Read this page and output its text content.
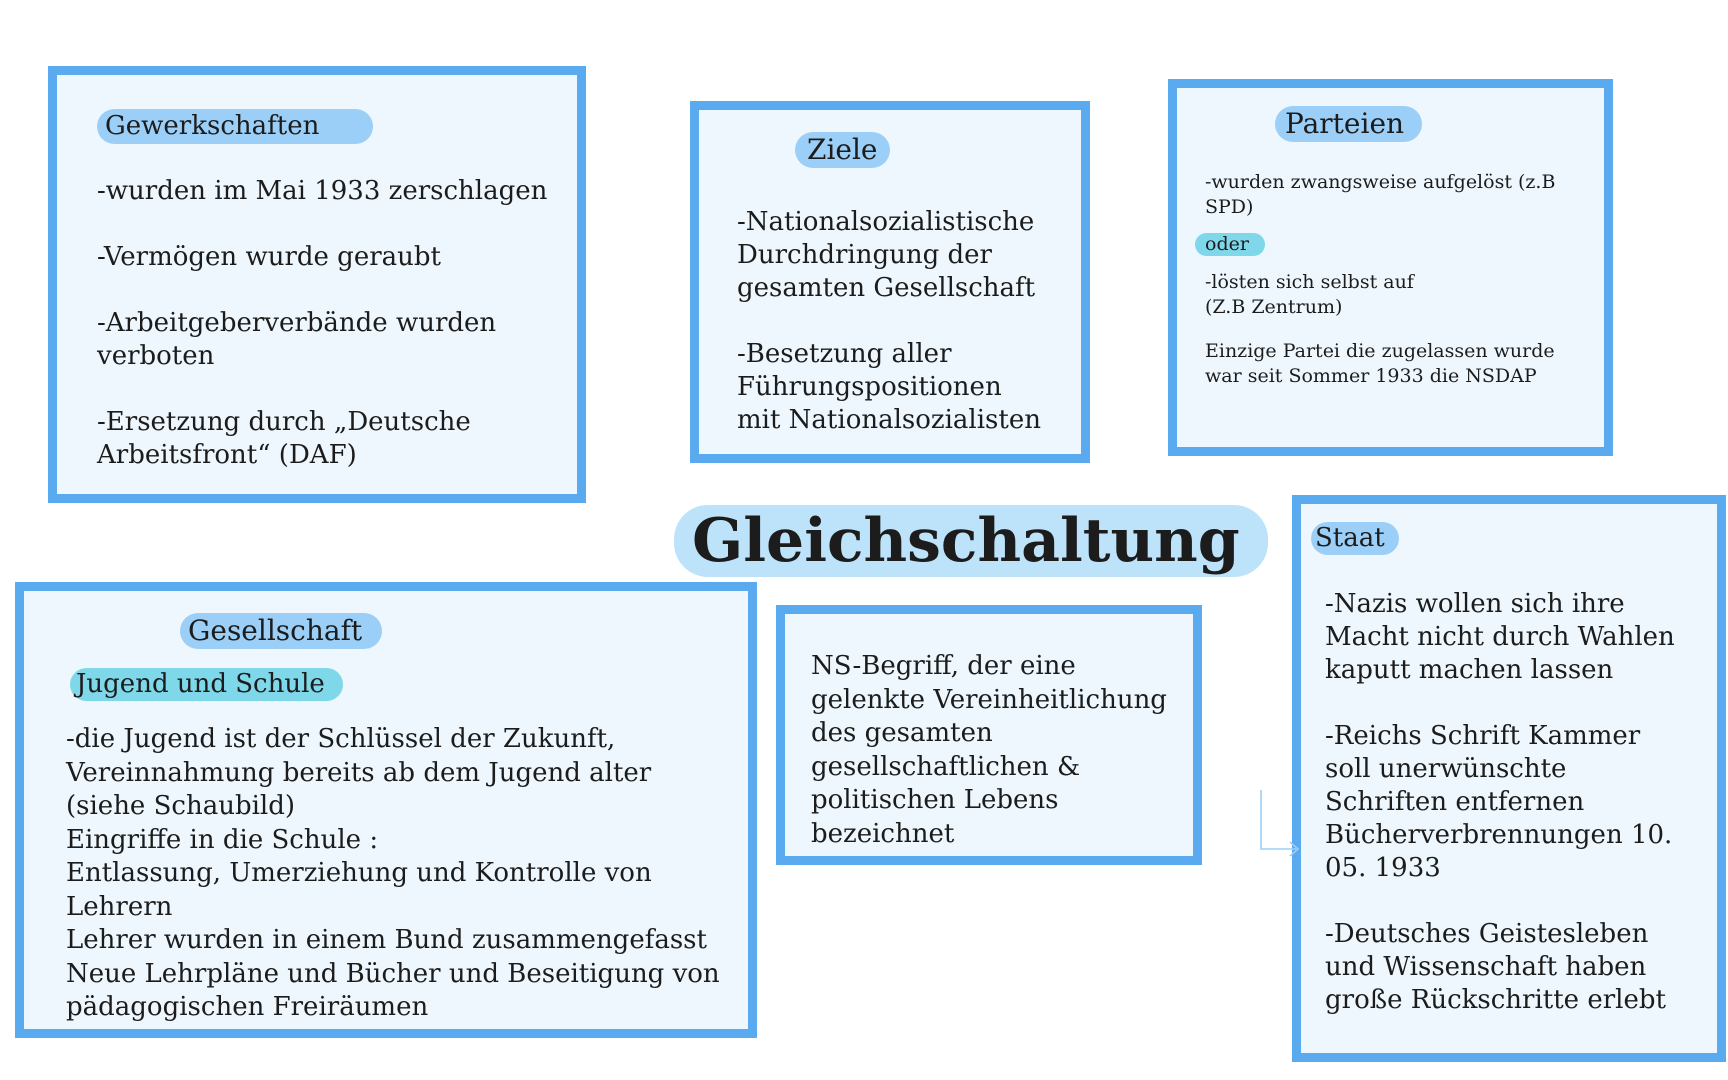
Gewerkschaften
-wurden im Mai 1933 zerschlagen
-Vermögen wurde geraubt
-Arbeitgeberverbände wurden
verboten
-Ersetzung durch „Deutsche
Arbeitsfront“ (DAF)
Ziele
-Nationalsozialistische
Durchdringung der
gesamten Gesellschaft
-Besetzung aller
Führungspositionen
mit Nationalsozialisten
Parteien
-wurden zwangsweise aufgelöst (z.B
SPD)
oder
-lösten sich selbst auf
(Z.B Zentrum)
Einzige Partei die zugelassen wurde
war seit Sommer 1933 die NSDAP
Gleichschaltung	Staat
-Nazis wollen sich ihre
Macht nicht durch Wahlen
kaputt machen lassen
-Reichs Schrift Kammer
soll unerwünschte
Schriften entfernen
Bücherverbrennungen 10.
05. 1933
-Deutsches Geistesleben
und Wissenschaft haben
große Rückschritte erlebt
Gesellschaft
Jugend und Schule
-die Jugend ist der Schlüssel der Zukunft,
Vereinnahmung bereits ab dem Jugend alter
(siehe Schaubild)
Eingriffe in die Schule :
Entlassung, Umerziehung und Kontrolle von
Lehrern
Lehrer wurden in einem Bund zusammengefasst
Neue Lehrpläne und Bücher und Beseitigung von
pädagogischen Freiräumen
NS-Begriff, der eine
gelenkte Vereinheitlichung
des gesamten
gesellschaftlichen &
politischen Lebens
bezeichnet
